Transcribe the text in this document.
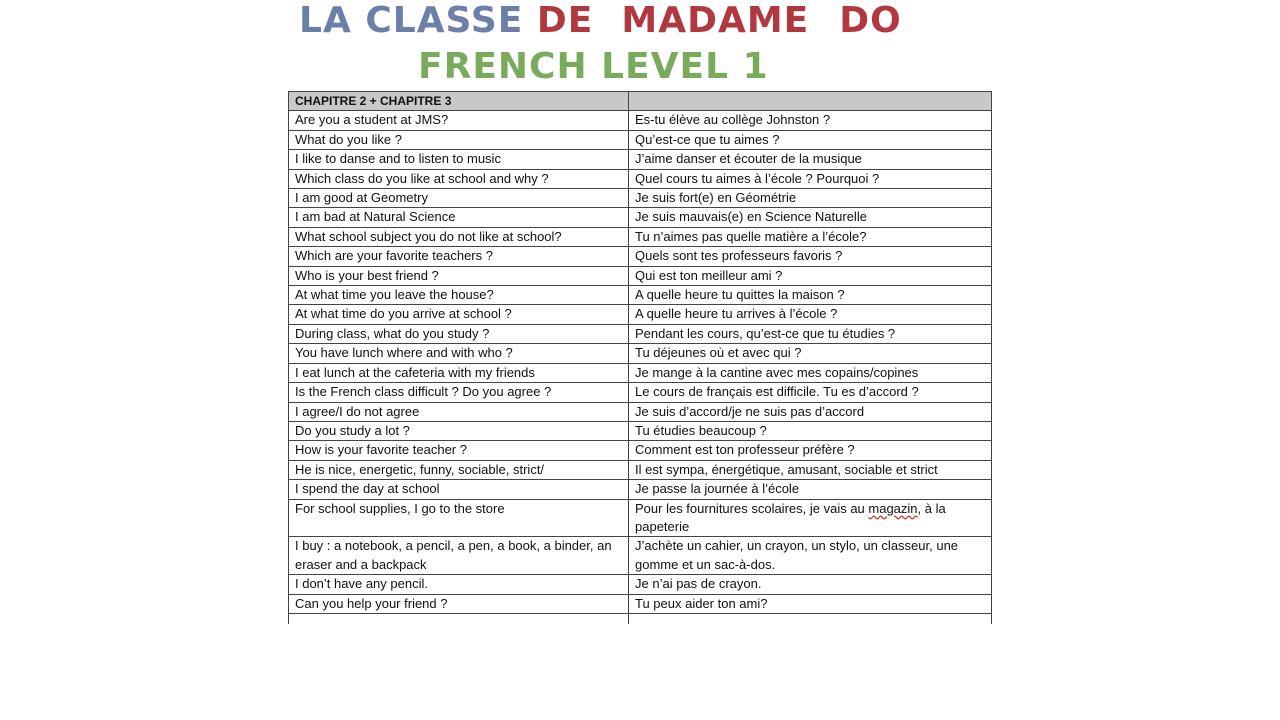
LA CLASSE DE MADAME DO
FRENCH LEVEL 1
CHAPITRE 2 + CHAPITRE 3	
Are you a student at JMS?	Es-tu élève au collège Johnston ?
What do you like ?	Qu’est-ce que tu aimes ?
I like to danse and to listen to music	J’aime danser et écouter de la musique
Which class do you like at school and why ?	Quel cours tu aimes à l’école ? Pourquoi ?
I am good at Geometry	Je suis fort(e) en Géométrie
I am bad at Natural Science	Je suis mauvais(e) en Science Naturelle
What school subject you do not like at school?	Tu n’aimes pas quelle matière a l’école?
Which are your favorite teachers ?	Quels sont tes professeurs favoris ?
Who is your best friend ?	Qui est ton meilleur ami ?
At what time you leave the house?	A quelle heure tu quittes la maison ?
At what time do you arrive at school ?	A quelle heure tu arrives à l’école ?
During class, what do you study ?	Pendant les cours, qu’est-ce que tu étudies ?
You have lunch where and with who ?	Tu déjeunes où et avec qui ?
I eat lunch at the cafeteria with my friends	Je mange à la cantine avec mes copains/copines
Is the French class difficult ? Do you agree ?	Le cours de français est difficile. Tu es d’accord ?
I agree/I do not agree	Je suis d’accord/je ne suis pas d’accord
Do you study a lot ?	Tu étudies beaucoup ?
How is your favorite teacher ?	Comment est ton professeur préfère ?
He is nice, energetic, funny, sociable, strict/	Il est sympa, énergétique, amusant, sociable et strict
I spend the day at school	Je passe la journée à l’école
For school supplies, I go to the store	Pour les fournitures scolaires, je vais au magazin, à la papeterie
I buy : a notebook, a pencil, a pen, a book, a binder, an eraser and a backpack	J’achète un cahier, un crayon, un stylo, un classeur, une gomme et un sac-à-dos.
I don’t have any pencil.	Je n’ai pas de crayon.
Can you help your friend ?	Tu peux aider ton ami?
